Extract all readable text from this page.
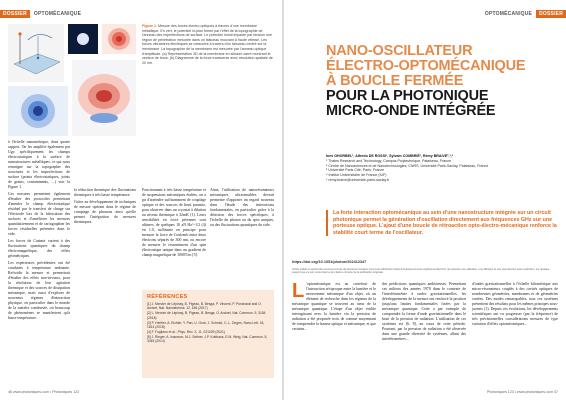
DOSSIER	OPTOMÉCANIQUE
Figure 1. Mesure des forces électro-optiques à travers d'une membrane métallique. En vert, le potentiel in-plan formé par l'effet de la topographie de l'anneau des imperfections de surface. Le potentiel induit impacte par tension une région de pénétration mesurée dans un faisceau mouvant à haute vitesse. Les forces vibratoires électriques se mesurent à travers d'un faisceau centré sur la membrane. La topographie de la membrane est mesurée par l'anneau optique d'amplitude. (a) Représentation 3D de la membrane en silicium carré montrant le vecteur de force. (b) Diagramme de la force transverse avec résolution spatiale de 20 nm.

à l'échelle nanométrique, dans quatre rapport. On les amplifie également par Ugo spécifiquement les champs électrostatiques à la surface de nanostructures métalliques, ce qui nous renseigne sur la topographie des structures et les imperfections de surface (points électrostatiques, joints de grains, contaminants, ...) voir la Figure 1.

Ces mesures permettent également d'étudier des protocoles permettant d'annuler le champ électrostatique résiduel par le transfert de charge sur l'électrode lors de la fabrication des surfaces et d'améliorer les mesures quantitativement et de cartographier les forces résiduelles présentes dans le vide.

Les forces de Casimir varient à des fluctuations quantiques du champ électromagnétique, des effets géométriques.

Les expériences précédentes ont été conduites à température ambiante. Refroidir la mesure et permettrait d'étudier des effets non-triviaux, pour la résolution de leur agitation thermique et des sources de dissipation mécanique, mais aussi d'explorer de nouveaux régimes d'interaction physique, en particulier dans le monde de la matière condensée, où beaucoup de phénomènes se manifestent qu'à basse température.

la réduction thermique des fluctuations thermiques à très basse température.

Grâce au développement de techniques de mesure opérant dans le régime de comptage de phonons ainsi qu'elle permet l'intégration de mesures thermiques.

Fonctionnant à très basse température et de suspensions mécaniques étalées, on a pu d'atteindre suffisamment de couplage optique et des sources de bruit parasite, pour observer dans un cryostat à dilution au niveau thermique à 32mK (1). Leurs sensibilités en force pérennes sont ultimes, de quelques 10 aN Hz^-1/2 (4) en 1.0, suffisante en principe pour mesurer la force de Coulomb entre deux électrons séparés de 300 nm, ou encore de mesurer le ressentiment d'un spin électronique unique dans un gradient de champ magnétique de 1000T/m [5].

Ainsi, l'utilisation de nanorésonateurs mécaniques ultrasensibles devrait permettre d'apporter un regard nouveau dans l'étude des interactions fondamentales, en particulier grâce à la détection des forces spécifiques, à l'échelle du photon ou du spin uniques, ou des fluctuations quantiques du vide.

RÉFÉRENCES
[1] J. Mercier de Lépinay, B. Pigeau, B. Besga, P. Vincent, P. Poncharal and O. Arcizet, Nat. Nanotechnol. 12, 156 (2017)
[2] L. Mercier de Lépinay, B. Pigeau, B. Besga, O. Arcizet, Nat. Commun. 9, 3184 (2018)
[3] P. Heritier, A. Eichler, Y. Pan, U. Grob, J. Schmid, C.-L. Degen, Nano Lett. 18, 1814 (2018)
[4] F. Fogliano et al., Phys. Rev. X, 11, 021009 (2021)
[5] J. Rieger, A. Isacsson, M.J. Seitner, J.P. Kotthaus, E.M. Weig, Nat. Commun. 5, 3345 (2014)
46 www.photoniques.com • Photoniques 123
OPTOMÉCANIQUE	DOSSIER
NANO-OSCILLATEUR
ÉLECTRO-OPTOMÉCANIQUE
À BOUCLE FERMÉE
POUR LA PHOTONIQUE
MICRO-ONDE INTÉGRÉE
Inès GHORBEL¹, Alfredo DE ROSSI¹, Sylvain COMBRIÉ¹, Rémy BRAIVE²,³,*
¹ Thales Research and Technology, Campus Polytechnique, Palaiseau, France
² Centre de Nanosciences et de Nanotechnologies, CNRS, Université Paris-Saclay, Palaiseau, France
³ Université Paris Cité, Paris, France
⁴ Institut Universitaire de France (IUF)
* remy.braive@universite-paris-saclay.fr
La forte interaction optomécanique au sein d'une nanostructure intégrée sur un circuit photonique permet la génération d'oscillation directement aux fréquences GHz sur une porteuse optique. L'ajout d'une boucle de rétroaction opto-électro-mécanique renforce la stabilité court terme de l'oscillateur.
https://doi.org/10.1051/photon/202412347
Article publié en accès libre sous les termes de la licence Creative Commons Attribution (https://creativecommons.org/licenses/by/4.0), qui autorise une utilisation, une diffusion et une reproduction sans restriction, sur quelque support que ce soit, sous réserve de citation correcte de la publication originale.
L 'optomécanique est au carrefour de l'interaction réciproque entre la lumière et le mouvement mécanique d'un objet, où un élément de recherche dans les régimes de la mécanique quantique se trouvent au cœur de la mécanique quantique. L'étape d'un objet visible interagissant avec la lumière via la pression de radiation a été proposée trois de comme moyennant de comprendre la hausse optique et mécanique, et que certains...
des prédictions quantiques ambitieuses. Permettant ces milieux des années 1970 dans le contexte de l'interférométrie à ondes gravitationnelles, les développements de la mesure ont renforcé la position jusqu'aux limites fondamentales fixées par la mécanique quantique. Cette a par exemple de comprendre la forme d'onde gravitationnelle dans le bruit de la pression de radiation. L'utilisation de ces systèmes est [6, 8], au cours de cette période. Pourtant, par la pression de radiation a été observée dans une grande diversité de systèmes, allant des interféromètres...
d'ondes gravitationnelles à l'échelle kilométrique aux micro-résonateurs couplés à des cavités optiques de nombreuses géométries, membranes et de géométries variées. Des modes remarquables, tous ces systèmes présentent des résultats pour les mêmes principes sous-jacents (1). Depuis ces évolutions, les développements scientifiques ont vu progresser (par la fréquence) de très précisionnelles considérations mesures de type variation d'effets optomécaniques...
Photoniques 123 • www.photoniques.com 47
